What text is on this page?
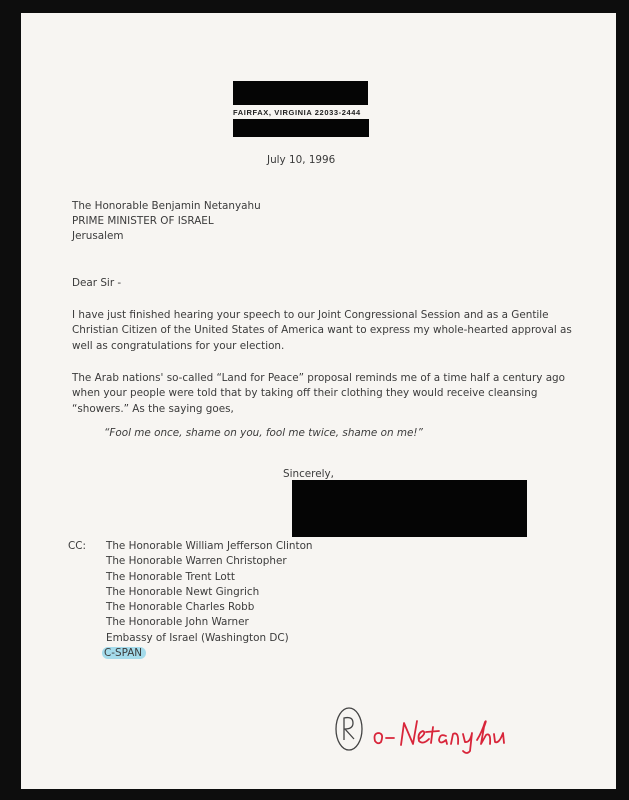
FAIRFAX, VIRGINIA 22033-2444
July 10, 1996
The Honorable Benjamin Netanyahu
PRIME MINISTER OF ISRAEL
Jerusalem
Dear Sir -
I have just finished hearing your speech to our Joint Congressional Session and as a Gentile Christian Citizen of the United States of America want to express my whole-hearted approval as well as congratulations for your election.
The Arab nations' so-called “Land for Peace” proposal reminds me of a time half a century ago when your people were told that by taking off their clothing they would receive cleansing “showers.” As the saying goes,
“Fool me once, shame on you, fool me twice, shame on me!”
Sincerely,
CC: The Honorable William Jefferson Clinton
The Honorable Warren Christopher
The Honorable Trent Lott
The Honorable Newt Gingrich
The Honorable Charles Robb
The Honorable John Warner
Embassy of Israel (Washington DC)
C-SPAN
